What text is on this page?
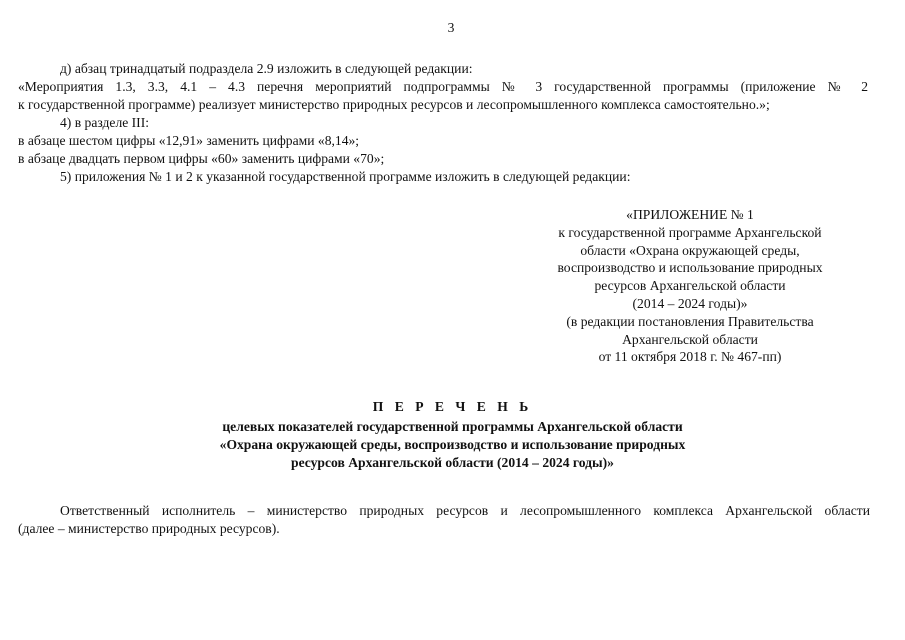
3
д) абзац тринадцатый подраздела 2.9 изложить в следующей редакции:
«Мероприятия 1.3, 3.3, 4.1 – 4.3 перечня мероприятий подпрограммы № 3 государственной программы (приложение № 2
к государственной программе) реализует министерство природных ресурсов и лесопромышленного комплекса самостоятельно.»;
4) в разделе III:
в абзаце шестом цифры «12,91» заменить цифрами «8,14»;
в абзаце двадцать первом цифры «60» заменить цифрами «70»;
5) приложения № 1 и 2 к указанной государственной программе изложить в следующей редакции:
«ПРИЛОЖЕНИЕ № 1
к государственной программе Архангельской
области «Охрана окружающей среды,
воспроизводство и использование природных
ресурсов Архангельской области
(2014 – 2024 годы)»
(в редакции постановления Правительства
Архангельской области
от 11 октября 2018 г. № 467-пп)
П Е Р Е Ч Е Н Ь
целевых показателей государственной программы Архангельской области
«Охрана окружающей среды, воспроизводство и использование природных
ресурсов Архангельской области (2014 – 2024 годы)»
Ответственный исполнитель – министерство природных ресурсов и лесопромышленного комплекса Архангельской области
(далее – министерство природных ресурсов).
